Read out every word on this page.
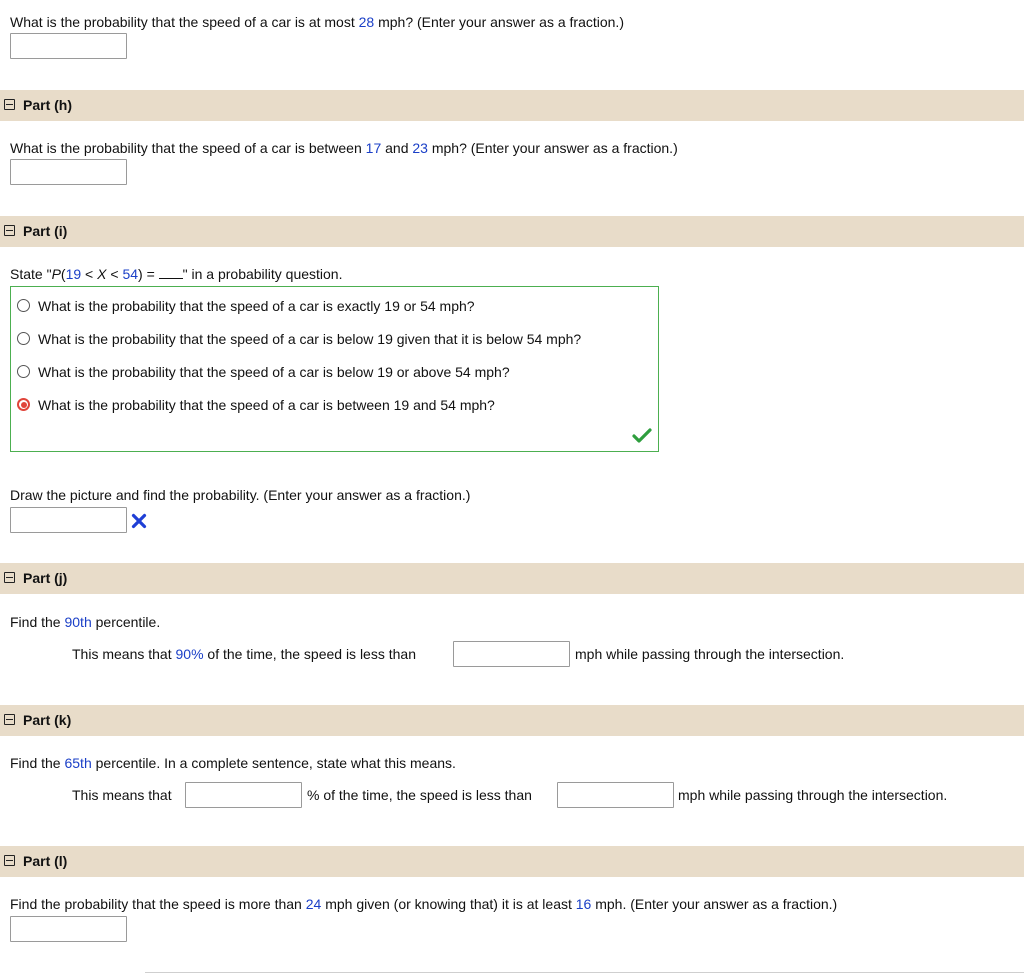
What is the probability that the speed of a car is at most 28 mph? (Enter your answer as a fraction.)
Part (h)
What is the probability that the speed of a car is between 17 and 23 mph? (Enter your answer as a fraction.)
Part (i)
State "P(19 < X < 54) = " in a probability question.
What is the probability that the speed of a car is exactly 19 or 54 mph?
What is the probability that the speed of a car is below 19 given that it is below 54 mph?
What is the probability that the speed of a car is below 19 or above 54 mph?
What is the probability that the speed of a car is between 19 and 54 mph?
Draw the picture and find the probability. (Enter your answer as a fraction.)
Part (j)
Find the 90th percentile.
This means that 90% of the time, the speed is less than	mph while passing through the intersection.
Part (k)
Find the 65th percentile. In a complete sentence, state what this means.
This means that	% of the time, the speed is less than	mph while passing through the intersection.
Part (l)
Find the probability that the speed is more than 24 mph given (or knowing that) it is at least 16 mph. (Enter your answer as a fraction.)
